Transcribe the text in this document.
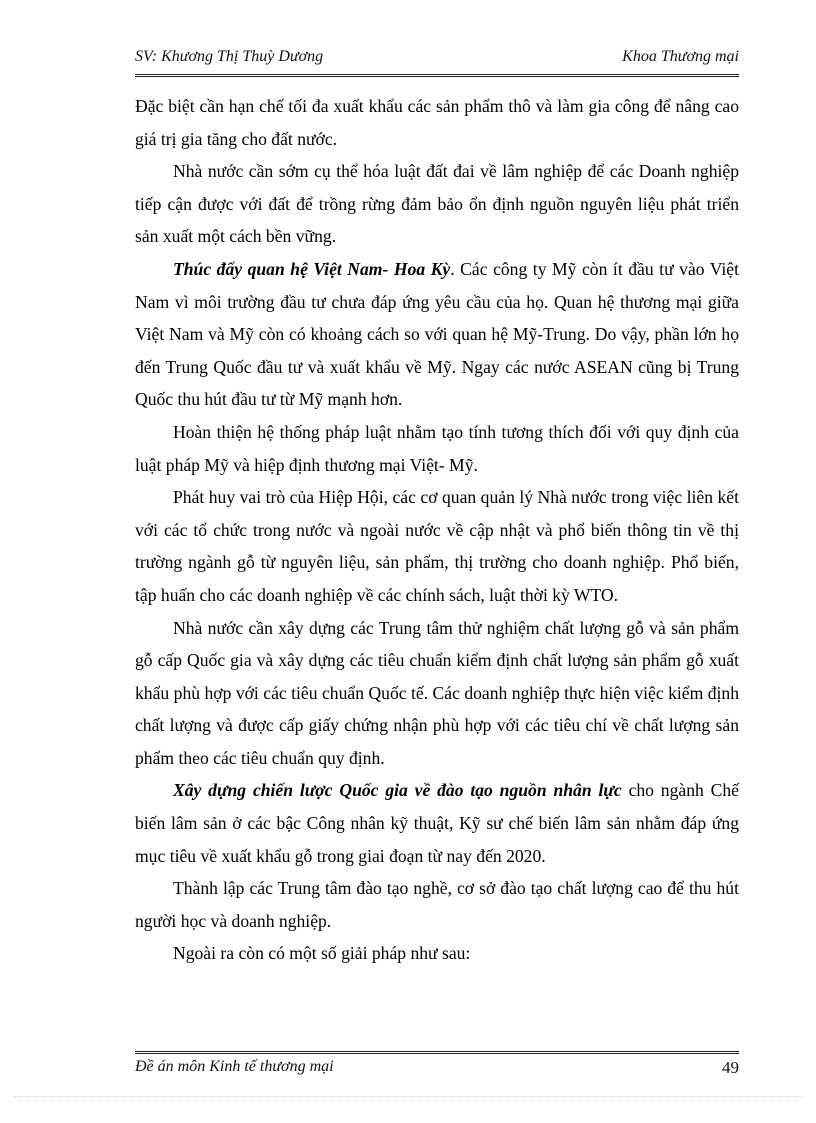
SV: Khương Thị Thuỳ Dương	Khoa Thương mại

Đặc biệt cần hạn chế tối đa xuất khẩu các sản phẩm thô và làm gia công để nâng cao giá trị gia tăng cho đất nước.

Nhà nước cần sớm cụ thể hóa luật đất đai về lâm nghiệp để các Doanh nghiệp tiếp cận được với đất để trồng rừng đảm bảo ổn định nguồn nguyên liệu phát triển sản xuất một cách bền vững.

Thúc đẩy quan hệ Việt Nam- Hoa Kỳ. Các công ty Mỹ còn ít đầu tư vào Việt Nam vì môi trường đầu tư chưa đáp ứng yêu cầu của họ. Quan hệ thương mại giữa Việt Nam và Mỹ còn có khoảng cách so với quan hệ Mỹ-Trung. Do vậy, phần lớn họ đến Trung Quốc đầu tư và xuất khẩu về Mỹ. Ngay các nước ASEAN cũng bị Trung Quốc thu hút đầu tư từ Mỹ mạnh hơn.

Hoàn thiện hệ thống pháp luật nhằm tạo tính tương thích đối với quy định của luật pháp Mỹ và hiệp định thương mại Việt- Mỹ.

Phát huy vai trò của Hiệp Hội, các cơ quan quản lý Nhà nước trong việc liên kết với các tổ chức trong nước và ngoài nước về cập nhật và phổ biến thông tin về thị trường ngành gỗ từ nguyên liệu, sản phẩm, thị trường cho doanh nghiệp. Phổ biến, tập huấn cho các doanh nghiệp về các chính sách, luật thời kỳ WTO.

Nhà nước cần xây dựng các Trung tâm thử nghiệm chất lượng gỗ và sản phẩm gỗ cấp Quốc gia và xây dựng các tiêu chuẩn kiểm định chất lượng sản phẩm gỗ xuất khẩu phù hợp với các tiêu chuẩn Quốc tế. Các doanh nghiệp thực hiện việc kiểm định chất lượng và được cấp giấy chứng nhận phù hợp với các tiêu chí về chất lượng sản phẩm theo các tiêu chuẩn quy định.

Xây dựng chiến lược Quốc gia về đào tạo nguồn nhân lực cho ngành Chế biến lâm sản ở các bậc Công nhân kỹ thuật, Kỹ sư chế biến lâm sản nhằm đáp ứng mục tiêu về xuất khẩu gỗ trong giai đoạn từ nay đến 2020.

Thành lập các Trung tâm đào tạo nghề, cơ sở đào tạo chất lượng cao để thu hút người học và doanh nghiệp.

Ngoài ra còn có một số giải pháp như sau:

Đề án môn Kinh tế thương mại	49
